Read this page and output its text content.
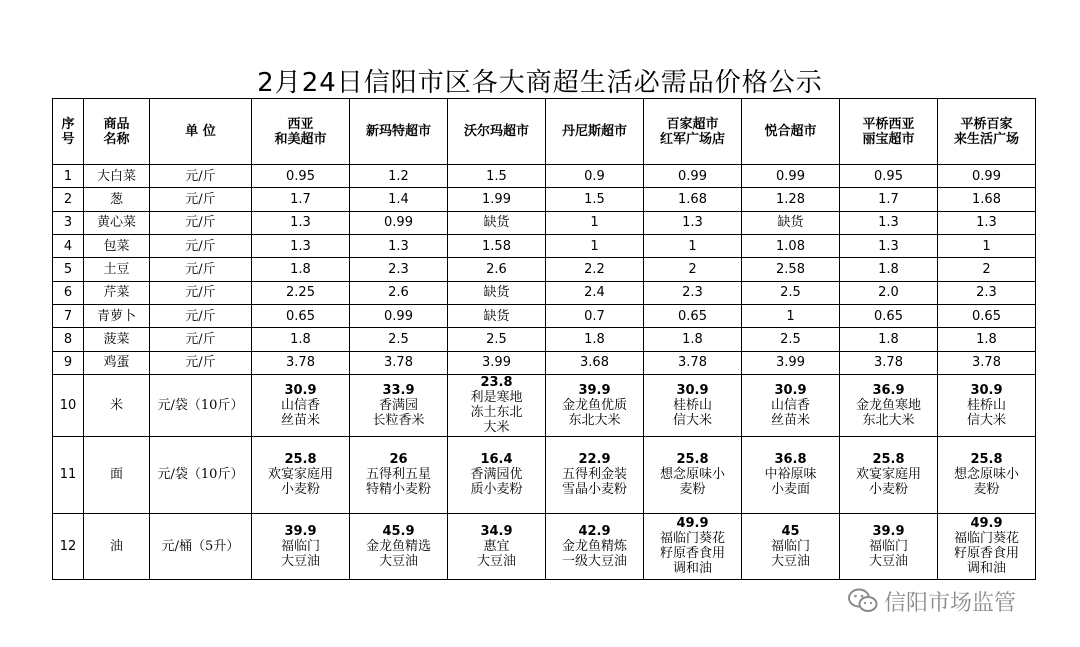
2月24日信阳市区各大商超生活必需品价格公示
序
号	商品
名称	单 位	西亚
和美超市	新玛特超市	沃尔玛超市	丹尼斯超市	百家超市
红军广场店	悦合超市	平桥西亚
丽宝超市	平桥百家
来生活广场

1	大白菜	元/斤	0.95	1.2	1.5	0.9	0.99	0.99	0.95	0.99

2	葱	元/斤	1.7	1.4	1.99	1.5	1.68	1.28	1.7	1.68

3	黄心菜	元/斤	1.3	0.99	缺货	1	1.3	缺货	1.3	1.3

4	包菜	元/斤	1.3	1.3	1.58	1	1	1.08	1.3	1

5	土豆	元/斤	1.8	2.3	2.6	2.2	2	2.58	1.8	2

6	芹菜	元/斤	2.25	2.6	缺货	2.4	2.3	2.5	2.0	2.3

7	青萝卜	元/斤	0.65	0.99	缺货	0.7	0.65	1	0.65	0.65

8	菠菜	元/斤	1.8	2.5	2.5	1.8	1.8	2.5	1.8	1.8

9	鸡蛋	元/斤	3.78	3.78	3.99	3.68	3.78	3.99	3.78	3.78

10	米	元/袋（10斤）	30.9
山信香
丝苗米	33.9
香满园
长粒香米	23.8
利是寒地
冻土东北
大米	39.9
金龙鱼优质
东北大米	30.9
桂桥山
信大米	30.9
山信香
丝苗米	36.9
金龙鱼寒地
东北大米	30.9
桂桥山
信大米

11	面	元/袋（10斤）	25.8
欢宴家庭用
小麦粉	26
五得利五星
特精小麦粉	16.4
香满园优
质小麦粉	22.9
五得利金装
雪晶小麦粉	25.8
想念原味小
麦粉	36.8
中裕原味
小麦面	25.8
欢宴家庭用
小麦粉	25.8
想念原味小
麦粉

12	油	元/桶（5升）	39.9
福临门
大豆油	45.9
金龙鱼精选
大豆油	34.9
惠宜
大豆油	42.9
金龙鱼精炼
一级大豆油	49.9
福临门葵花
籽原香食用
调和油	45
福临门
大豆油	39.9
福临门
大豆油	49.9
福临门葵花
籽原香食用
调和油
信阳市场监管
